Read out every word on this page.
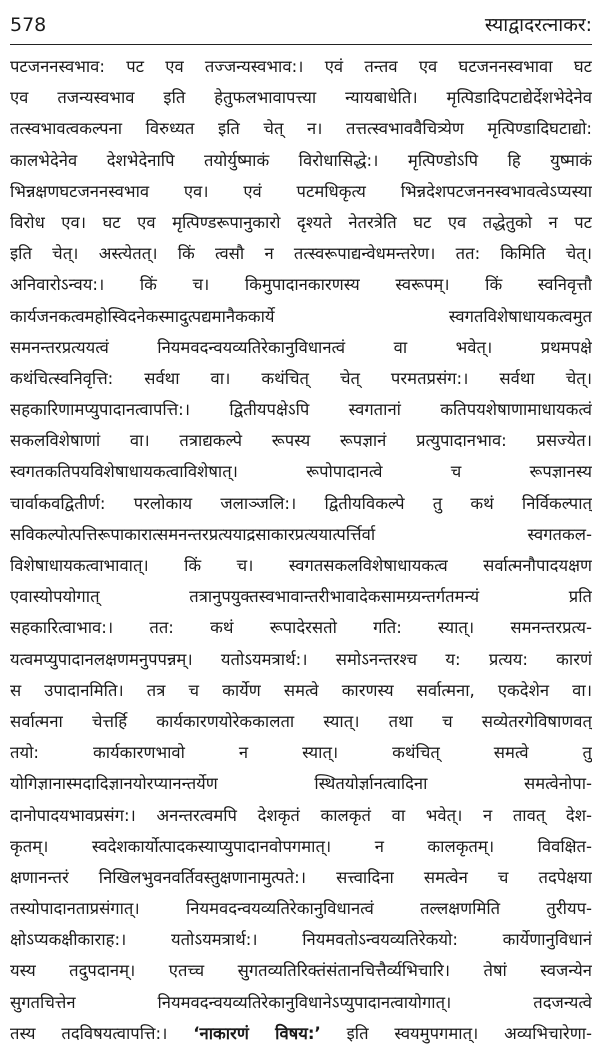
578	स्याद्वादरत्नाकर:
पटजननस्वभाव: पट एव तज्जन्यस्वभाव:। एवं तन्तव एव घटजननस्वभावा घट
एव तजन्यस्वभाव इति हेतुफलभावापत्त्या न्यायबाधेति। मृत्पिडादिपटाद्येर्देशभेदेनेव
तत्स्वभावत्वकल्पना विरुध्यत इति चेत् न। तत्तत्स्वभाववैचित्र्येण मृत्पिण्डादिघटाद्यो:
कालभेदेनेव देशभेदेनापि तयोर्युष्माकं विरोधासिद्धे:। मृत्पिण्डोऽपि हि युष्माकं
भिन्नक्षणघटजननस्वभाव एव। एवं पटमधिकृत्य भिन्नदेशपटजननस्वभावत्वेऽप्यस्या
विरोध एव। घट एव मृत्पिण्डरूपानुकारो दृश्यते नेतरत्रेति घट एव तद्धेतुको न पट
इति चेत्। अस्त्येतत्। किं त्वसौ न तत्स्वरूपाद्यन्वेधमन्तरेण। तत: किमिति चेत्।
अनिवारोऽन्वय:। किं च। किमुपादानकारणस्य स्वरूपम्। किं स्वनिवृत्तौ
कार्यजनकत्वमहोस्विदनेकस्मादुत्पद्यमानैककार्ये स्वगतविशेषाधायकत्वमुत
समनन्तरप्रत्ययत्वं नियमवदन्वयव्यतिरेकानुविधानत्वं वा भवेत्। प्रथमपक्षे
कथंचित्स्वनिवृत्ति: सर्वथा वा। कथंचित् चेत् परमतप्रसंग:। सर्वथा चेत्।
सहकारिणामप्युपादानत्वापत्ति:। द्वितीयपक्षेऽपि स्वगतानां कतिपयशेषाणामाधायकत्वं
सकलविशेषाणां वा। तत्राद्यकल्पे रूपस्य रूपज्ञानं प्रत्युपादानभाव: प्रसज्येत।
स्वगतकतिपयविशेषाधायकत्वाविशेषात्। रूपोपादानत्वे च रूपज्ञानस्य
चार्वाकवद्वितीर्ण: परलोकाय जलाञ्जलि:। द्वितीयविकल्पे तु कथं निर्विकल्पात्
सविकल्पोत्पत्तिरूपाकारात्समनन्तरप्रत्ययाद्रसाकारप्रत्ययात्पर्त्तिर्वा स्वगतकल-
विशेषाधायकत्वाभावात्। किं च। स्वगतसकलविशेषाधायकत्व सर्वात्मनौपादयक्षण
एवास्योपयोगात् तत्रानुपयुक्तस्वभावान्तरीभावादेकसामग्र्यन्तर्गतमन्यं प्रति
सहकारित्वाभाव:। तत: कथं रूपादेरसतो गति: स्यात्। समनन्तरप्रत्य-
यत्वमप्युपादानलक्षणमनुपपन्नम्। यतोऽयमत्रार्थ:। समोऽनन्तरश्च य: प्रत्यय: कारणं
स उपादानमिति। तत्र च कार्येण समत्वे कारणस्य सर्वात्मना, एकदेशेन वा।
सर्वात्मना चेत्तर्हि कार्यकारणयोरेककालता स्यात्। तथा च सव्येतरगेविषाणवत्
तयो: कार्यकारणभावो न स्यात्। कथंचित् समत्वे तु
योगिज्ञानास्मदादिज्ञानयोरप्यानन्तर्येण स्थितयोर्ज्ञानत्वादिना समत्वेनोपा-
दानोपादयभावप्रसंग:। अनन्तरत्वमपि देशकृतं कालकृतं वा भवेत्। न तावत् देश-
कृतम्। स्वदेशकार्योत्पादकस्याप्युपादानवोपगमात्। न कालकृतम्। विवक्षित-
क्षणानन्तरं निखिलभुवनवर्तिवस्तुक्षणानामुत्पते:। सत्त्वादिना समत्वेन च तदपेक्षया
तस्योपादानताप्रसंगात्। नियमवदन्वयव्यतिरेकानुविधानत्वं तल्लक्षणमिति तुरीयप-
क्षोऽप्यकक्षीकाराह:। यतोऽयमत्रार्थ:। नियमवतोऽन्वयव्यतिरेकयो: कार्येणानुविधानं
यस्य तदुपदानम्। एतच्च सुगतव्यतिरिक्तंसंतानचित्तैर्व्यभिचारि। तेषां स्वजन्येन
सुगतचित्तेन नियमवदन्वयव्यतिरेकानुविधानेऽप्युपादानत्वायोगात्। तदजन्यत्वे
तस्य तदविषयत्वापत्ति:। ‘नाकारणं विषय:’ इति स्वयमुपगमात्। अव्यभिचारेणा-
